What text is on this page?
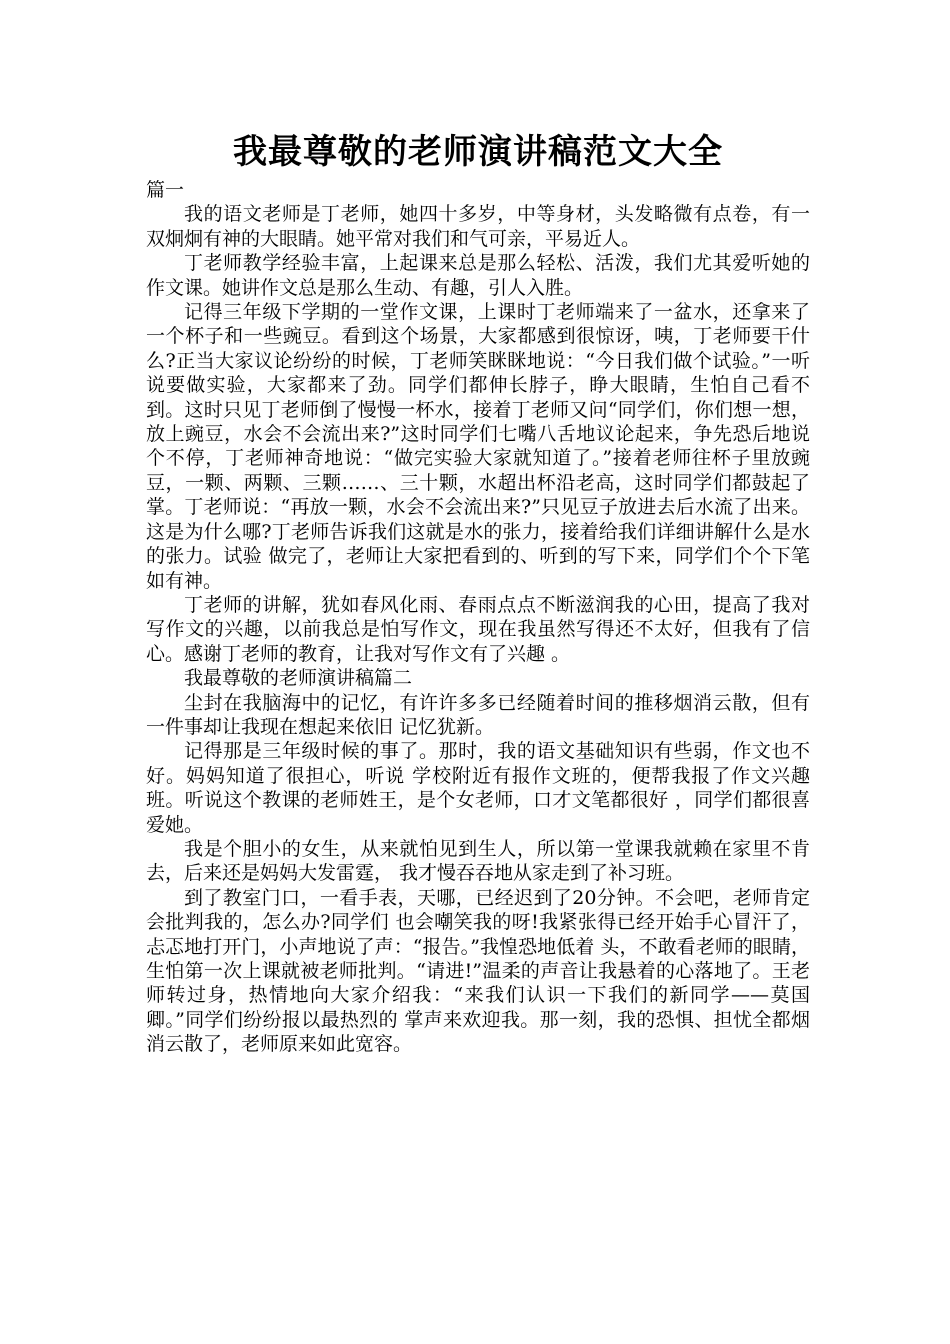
我最尊敬的老师演讲稿范文大全

篇一

我的语文老师是丁老师，她四十多岁，中等身材，头发略微有点卷，有一双炯炯有神的大眼睛。她平常对我们和气可亲，平易近人。

丁老师教学经验丰富，上起课来总是那么轻松、活泼，我们尤其爱听她的作文课。她讲作文总是那么生动、有趣，引人入胜。

记得三年级下学期的一堂作文课，上课时丁老师端来了一盆水，还拿来了一个杯子和一些豌豆。看到这个场景，大家都感到很惊讶，咦，丁老师要干什么?正当大家议论纷纷的时候，丁老师笑眯眯地说：“今日我们做个试验。”一听说要做实验，大家都来了劲。同学们都伸长脖子，睁大眼睛，生怕自己看不到。这时只见丁老师倒了慢慢一杯水，接着丁老师又问“同学们，你们想一想，放上豌豆，水会不会流出来?”这时同学们七嘴八舌地议论起来，争先恐后地说个不停，丁老师神奇地说：“做完实验大家就知道了。”接着老师往杯子里放豌豆，一颗、两颗、三颗……、三十颗，水超出杯沿老高，这时同学们都鼓起了掌。丁老师说：“再放一颗，水会不会流出来?”只见豆子放进去后水流了出来。这是为什么哪?丁老师告诉我们这就是水的张力，接着给我们详细讲解什么是水的张力。试验 做完了，老师让大家把看到的、听到的写下来，同学们个个下笔如有神。

丁老师的讲解，犹如春风化雨、春雨点点不断滋润我的心田，提高了我对写作文的兴趣，以前我总是怕写作文，现在我虽然写得还不太好，但我有了信心。感谢丁老师的教育，让我对写作文有了兴趣 。

我最尊敬的老师演讲稿篇二

尘封在我脑海中的记忆，有许许多多已经随着时间的推移烟消云散，但有一件事却让我现在想起来依旧 记忆犹新。

记得那是三年级时候的事了。那时，我的语文基础知识有些弱，作文也不好。妈妈知道了很担心，听说 学校附近有报作文班的，便帮我报了作文兴趣班。听说这个教课的老师姓王，是个女老师，口才文笔都很好 ，同学们都很喜爱她。

我是个胆小的女生，从来就怕见到生人，所以第一堂课我就赖在家里不肯去，后来还是妈妈大发雷霆， 我才慢吞吞地从家走到了补习班。

到了教室门口，一看手表，天哪，已经迟到了20分钟。不会吧，老师肯定会批判我的，怎么办?同学们 也会嘲笑我的呀!我紧张得已经开始手心冒汗了，忐忑地打开门，小声地说了声：“报告。”我惶恐地低着 头，不敢看老师的眼睛，生怕第一次上课就被老师批判。“请进!”温柔的声音让我悬着的心落地了。王老 师转过身，热情地向大家介绍我：“来我们认识一下我们的新同学——莫国卿。”同学们纷纷报以最热烈的 掌声来欢迎我。那一刻，我的恐惧、担忧全都烟消云散了，老师原来如此宽容。
